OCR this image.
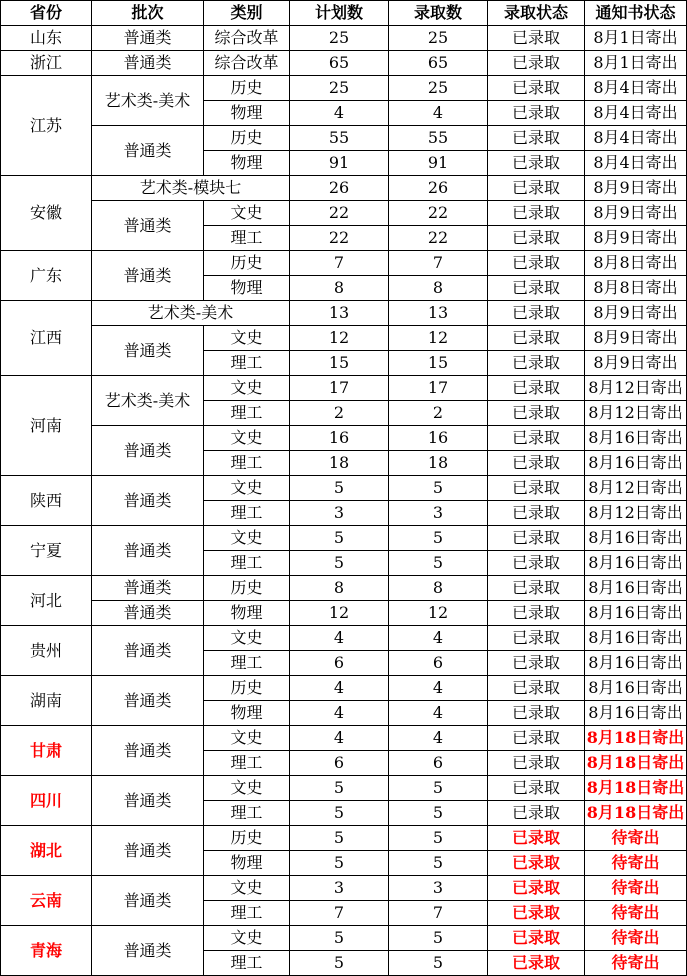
省份	批次	类别	计划数	录取数	录取状态	通知书状态
山东	普通类	综合改革	25	25	已录取	8月1日寄出
浙江	普通类	综合改革	65	65	已录取	8月1日寄出
江苏	艺术类-美术	历史	25	25	已录取	8月4日寄出
		物理	4	4	已录取	8月4日寄出
	普通类	历史	55	55	已录取	8月4日寄出
		物理	91	91	已录取	8月4日寄出
安徽	艺术类-模块七		26	26	已录取	8月9日寄出
	普通类	文史	22	22	已录取	8月9日寄出
		理工	22	22	已录取	8月9日寄出
广东	普通类	历史	7	7	已录取	8月8日寄出
		物理	8	8	已录取	8月8日寄出
江西	艺术类-美术		13	13	已录取	8月9日寄出
	普通类	文史	12	12	已录取	8月9日寄出
		理工	15	15	已录取	8月9日寄出
河南	艺术类-美术	文史	17	17	已录取	8月12日寄出
		理工	2	2	已录取	8月12日寄出
	普通类	文史	16	16	已录取	8月16日寄出
		理工	18	18	已录取	8月16日寄出
陕西	普通类	文史	5	5	已录取	8月12日寄出
		理工	3	3	已录取	8月12日寄出
宁夏	普通类	文史	5	5	已录取	8月16日寄出
		理工	5	5	已录取	8月16日寄出
河北	普通类	历史	8	8	已录取	8月16日寄出
	普通类	物理	12	12	已录取	8月16日寄出
贵州	普通类	文史	4	4	已录取	8月16日寄出
		理工	6	6	已录取	8月16日寄出
湖南	普通类	历史	4	4	已录取	8月16日寄出
		物理	4	4	已录取	8月16日寄出
甘肃	普通类	文史	4	4	已录取	8月18日寄出
		理工	6	6	已录取	8月18日寄出
四川	普通类	文史	5	5	已录取	8月18日寄出
		理工	5	5	已录取	8月18日寄出
湖北	普通类	历史	5	5	已录取	待寄出
		物理	5	5	已录取	待寄出
云南	普通类	文史	3	3	已录取	待寄出
		理工	7	7	已录取	待寄出
青海	普通类	文史	5	5	已录取	待寄出
		理工	5	5	已录取	待寄出
